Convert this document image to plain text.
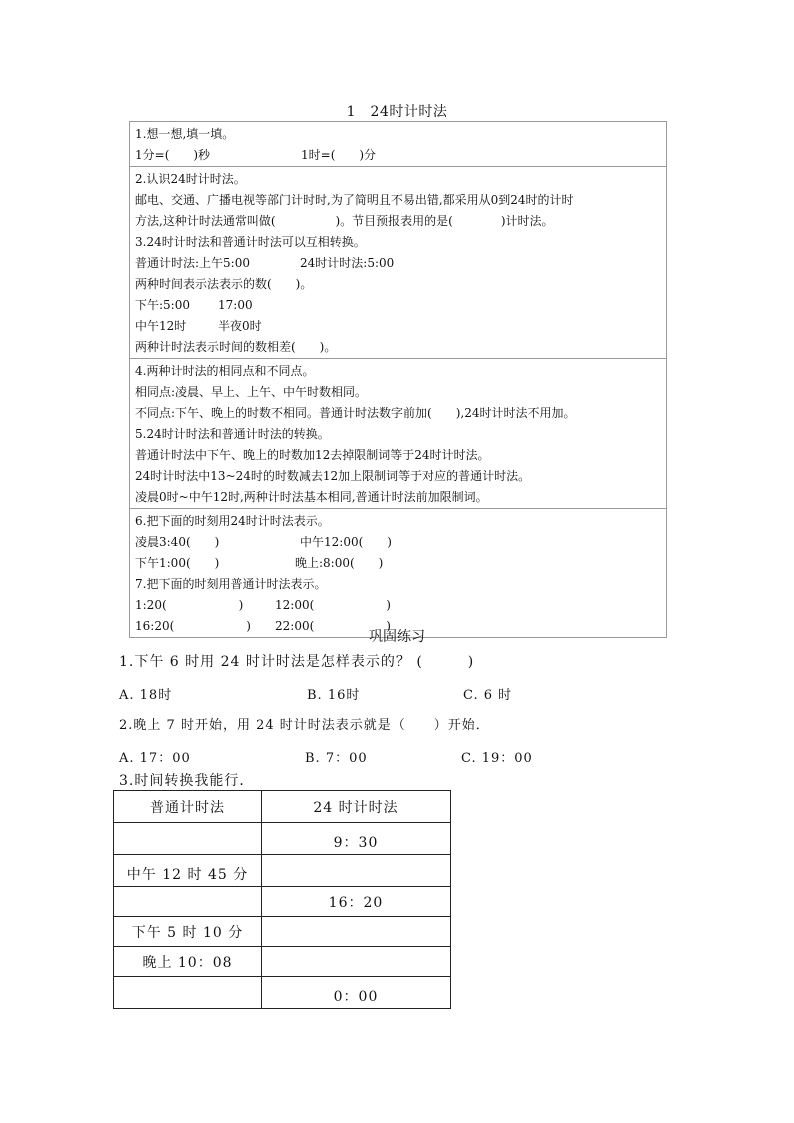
1　24时计时法
1.想一想,填一填。
1分=(　　)秒	1时=(　　)分
2.认识24时计时法。
邮电、交通、广播电视等部门计时时,为了简明且不易出错,都采用从0到24时的计时
方法,这种计时法通常叫做(　　　　　)。节目预报表用的是(　　　　)计时法。
3.24时计时法和普通计时法可以互相转换。
普通计时法:上午5:00	24时计时法:5:00
两种时间表示法表示的数(　　)。
下午:5:00	17:00
中午12时	半夜0时
两种计时法表示时间的数相差(　　)。
4.两种计时法的相同点和不同点。
相同点:凌晨、早上、上午、中午时数相同。
不同点:下午、晚上的时数不相同。普通计时法数字前加(　　),24时计时法不用加。
5.24时计时法和普通计时法的转换。
普通计时法中下午、晚上的时数加12去掉限制词等于24时计时法。
24时计时法中13~24时的时数减去12加上限制词等于对应的普通计时法。
凌晨0时~中午12时,两种计时法基本相同,普通计时法前加限制词。
6.把下面的时刻用24时计时法表示。
凌晨3:40(　　)	中午12:00(　　)
下午1:00(　　)	晚上:8:00(　　)
7.把下面的时刻用普通计时法表示。
1:20(　　　　　　)	12:00(　　　　　　)
16:20(　　　　　　)	22:00(　　　　　　)
巩固练习
1.下午 6 时用 24 时计时法是怎样表示的？ (　　　)
A. 18时	B. 16时	C. 6 时
2.晚上 7 时开始，用 24 时计时法表示就是（　　）开始．
A. 17：00	B. 7：00	C. 19：00
3.时间转换我能行．
普通计时法	24 时计时法
	9：30
中午 12 时 45 分	
	16：20
下午 5 时 10 分	
晚上 10：08	
	0：00
